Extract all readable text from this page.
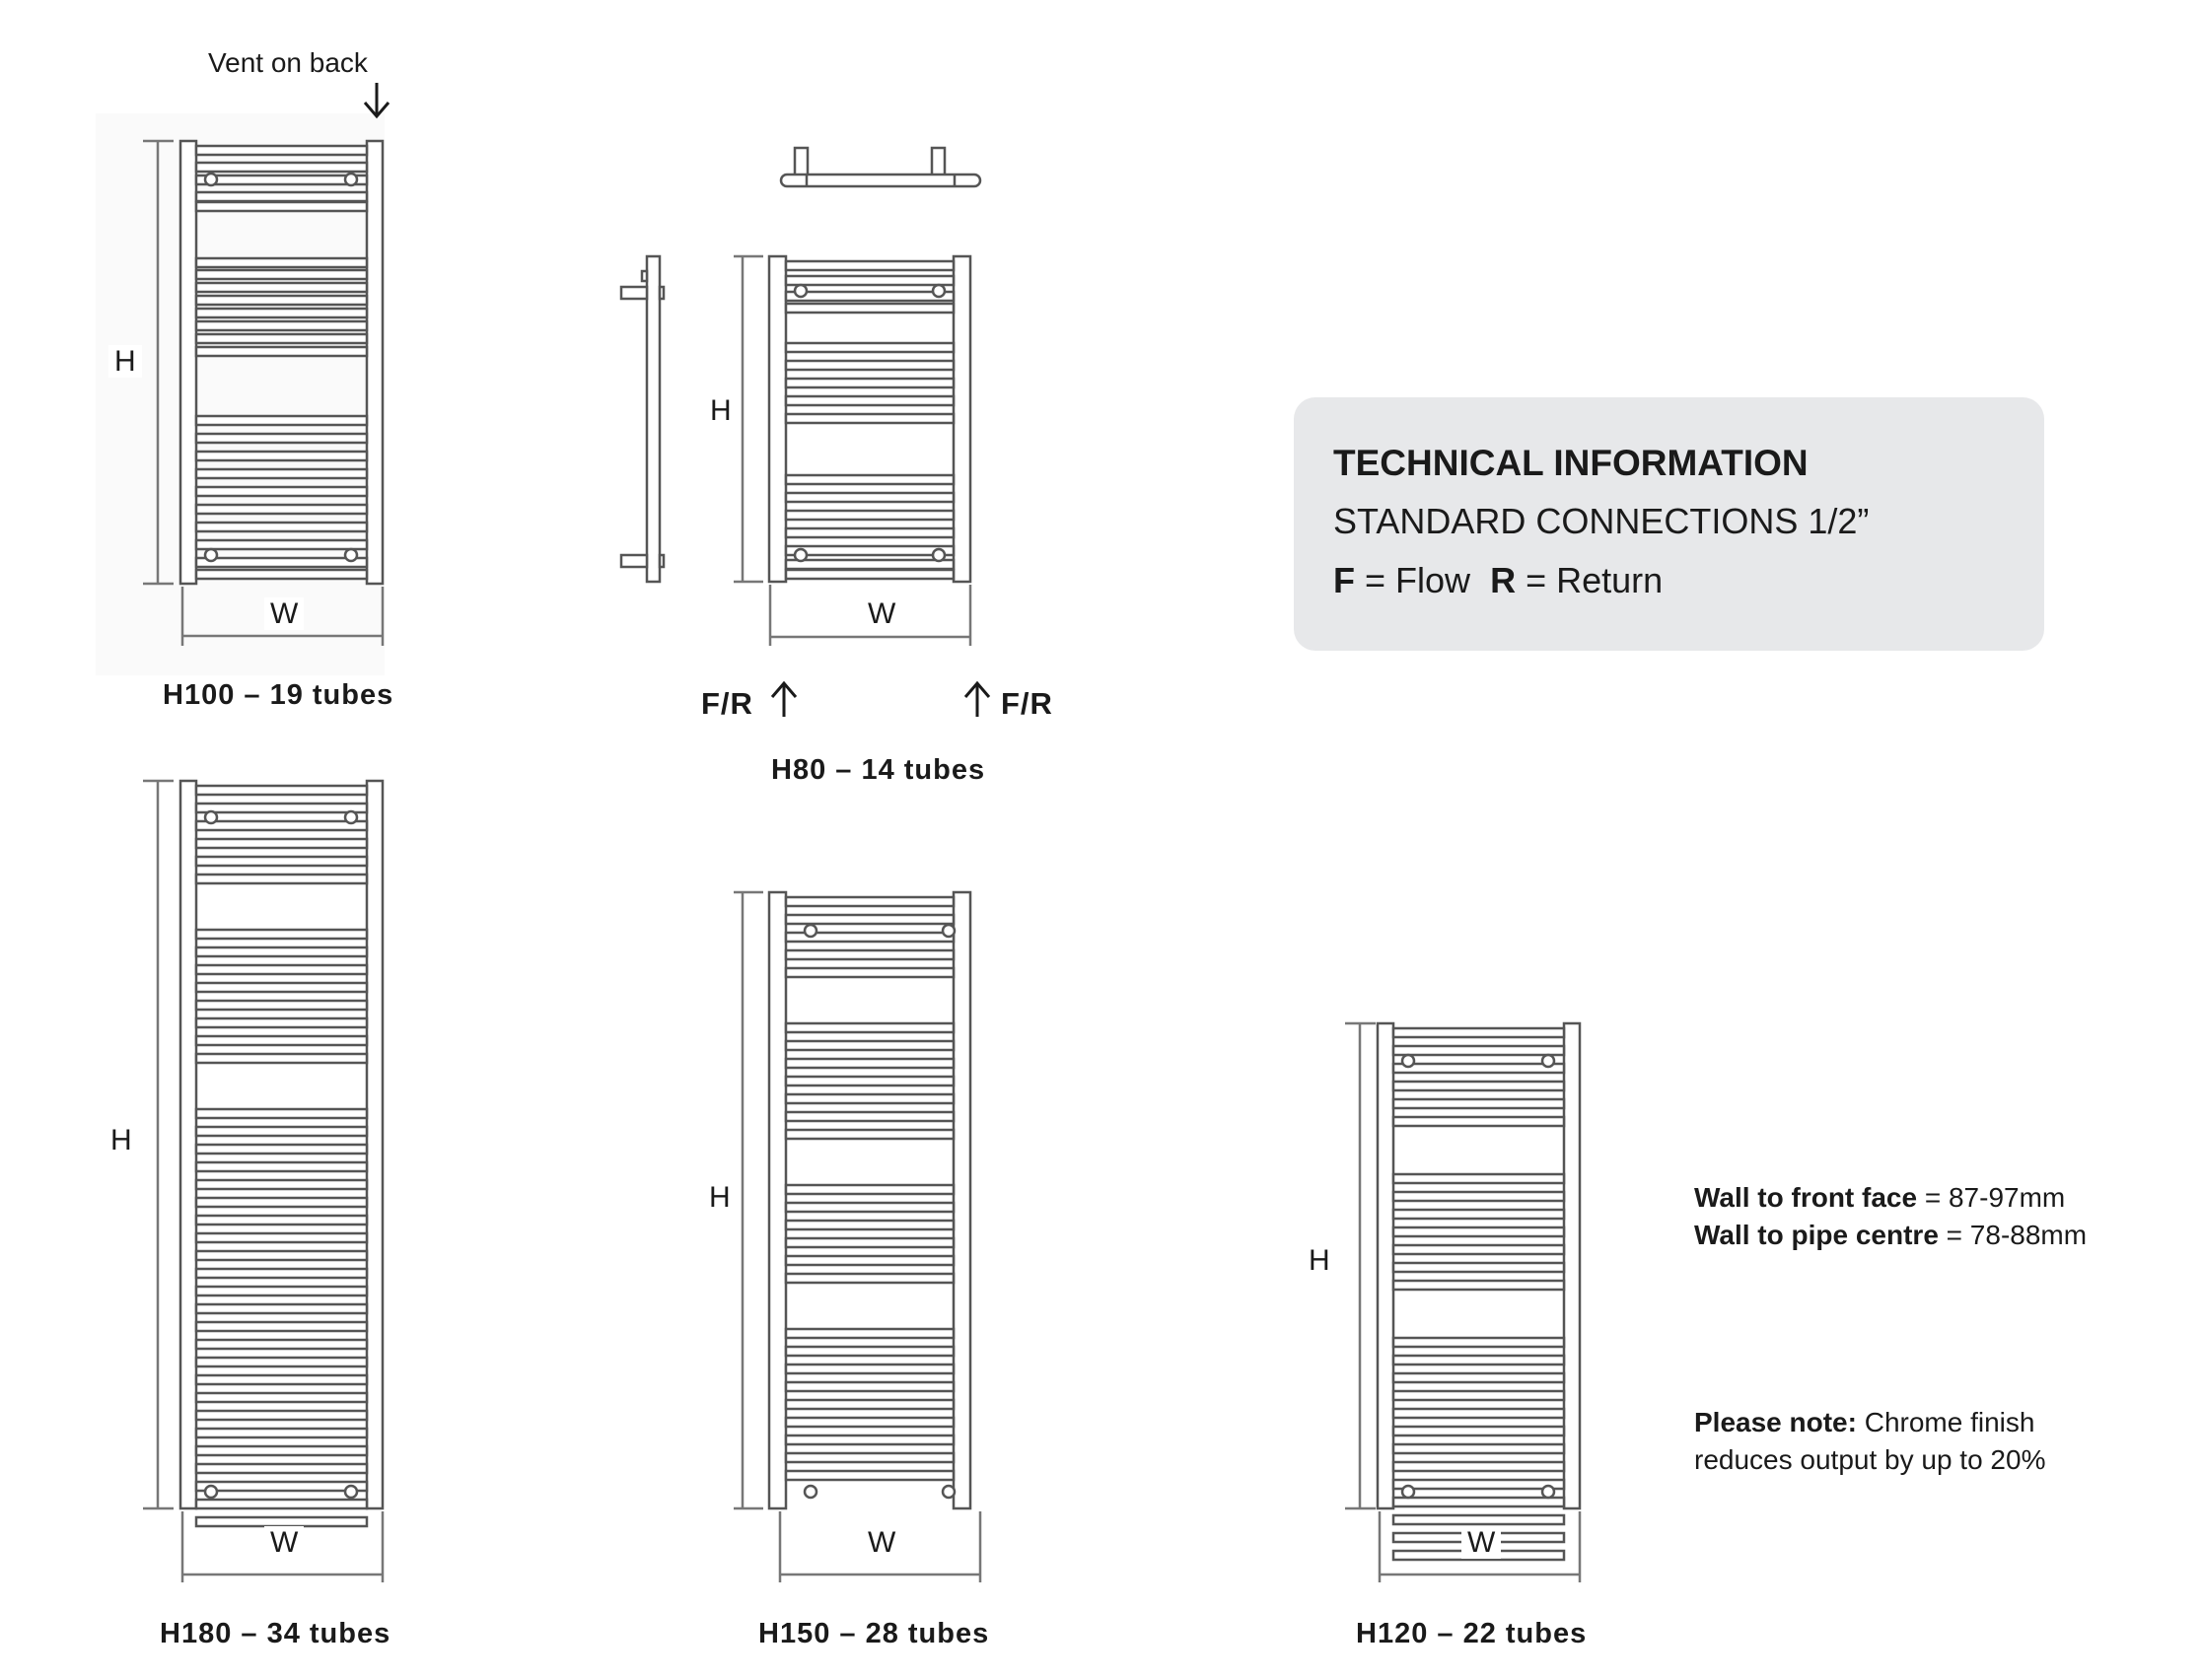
Vent on back
H
W
H
W
H
W
H
W
H
W
H100 – 19 tubes	F/R	F/R
H80 – 14 tubes
H180 – 34 tubes	H150 – 28 tubes	H120 – 22 tubes
TECHNICAL INFORMATION
STANDARD CONNECTIONS 1/2”
F = Flow R = Return
Wall to front face = 87-97mm
Wall to pipe centre = 78-88mm
Please note: Chrome finish
reduces output by up to 20%
